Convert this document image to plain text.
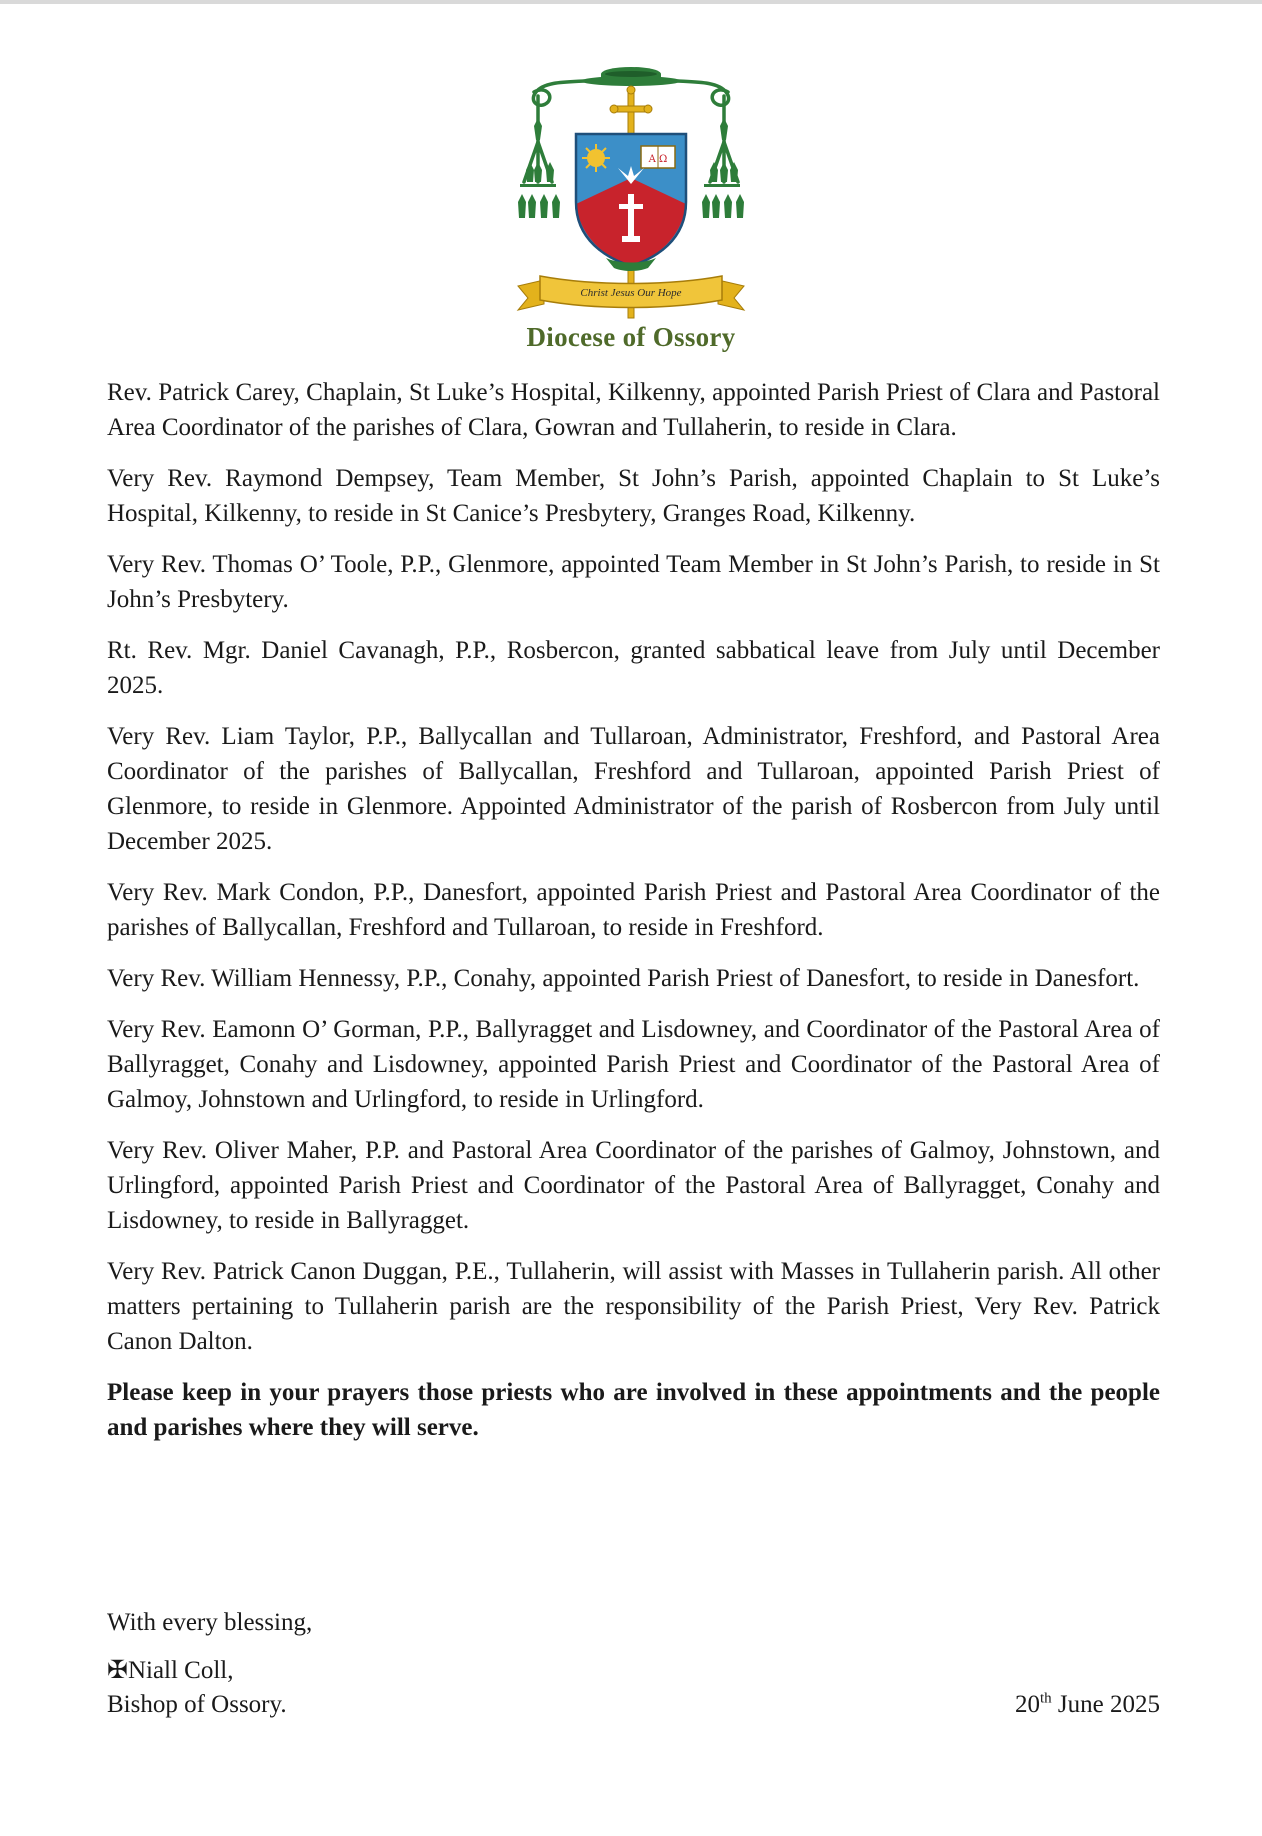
A Ω
Christ Jesus Our Hope
Diocese of Ossory

Rev. Patrick Carey, Chaplain, St Luke’s Hospital, Kilkenny, appointed Parish Priest of Clara and Pastoral Area Coordinator of the parishes of Clara, Gowran and Tullaherin, to reside in Clara.

Very Rev. Raymond Dempsey, Team Member, St John’s Parish, appointed Chaplain to St Luke’s Hospital, Kilkenny, to reside in St Canice’s Presbytery, Granges Road, Kilkenny.

Very Rev. Thomas O’ Toole, P.P., Glenmore, appointed Team Member in St John’s Parish, to reside in St John’s Presbytery.

Rt. Rev. Mgr. Daniel Cavanagh, P.P., Rosbercon, granted sabbatical leave from July until December 2025.

Very Rev. Liam Taylor, P.P., Ballycallan and Tullaroan, Administrator, Freshford, and Pastoral Area Coordinator of the parishes of Ballycallan, Freshford and Tullaroan, appointed Parish Priest of Glenmore, to reside in Glenmore. Appointed Administrator of the parish of Rosbercon from July until December 2025.

Very Rev. Mark Condon, P.P., Danesfort, appointed Parish Priest and Pastoral Area Coordinator of the parishes of Ballycallan, Freshford and Tullaroan, to reside in Freshford.

Very Rev. William Hennessy, P.P., Conahy, appointed Parish Priest of Danesfort, to reside in Danesfort.

Very Rev. Eamonn O’ Gorman, P.P., Ballyragget and Lisdowney, and Coordinator of the Pastoral Area of Ballyragget, Conahy and Lisdowney, appointed Parish Priest and Coordinator of the Pastoral Area of Galmoy, Johnstown and Urlingford, to reside in Urlingford.

Very Rev. Oliver Maher, P.P. and Pastoral Area Coordinator of the parishes of Galmoy, Johnstown, and Urlingford, appointed Parish Priest and Coordinator of the Pastoral Area of Ballyragget, Conahy and Lisdowney, to reside in Ballyragget.

Very Rev. Patrick Canon Duggan, P.E., Tullaherin, will assist with Masses in Tullaherin parish. All other matters pertaining to Tullaherin parish are the responsibility of the Parish Priest, Very Rev. Patrick Canon Dalton.

Please keep in your prayers those priests who are involved in these appointments and the people and parishes where they will serve.

With every blessing,
✠Niall Coll,
Bishop of Ossory.	20th June 2025
